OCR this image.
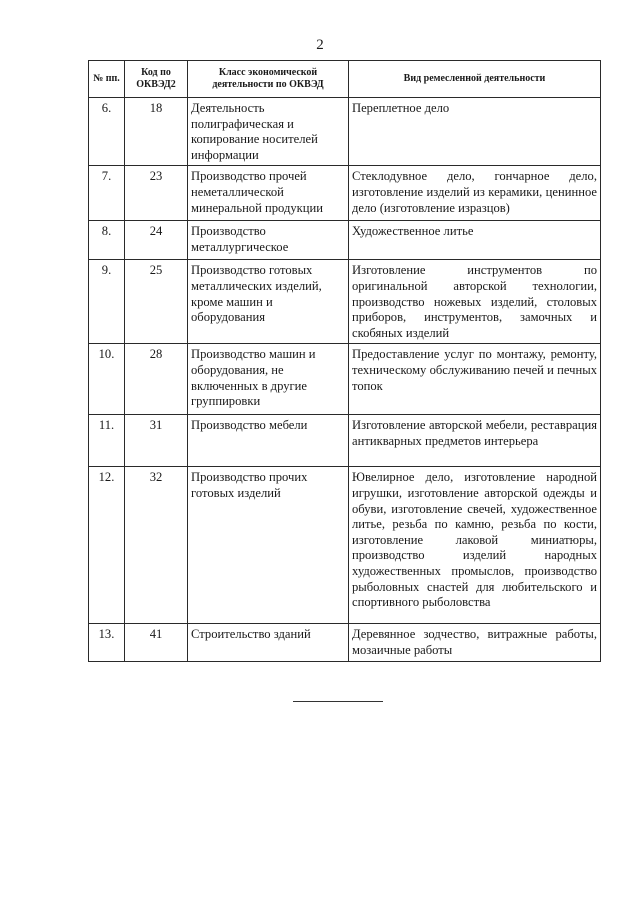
2
№ пп.	Код по ОКВЭД2	Класс экономической деятельности по ОКВЭД	Вид ремесленной деятельности
6.	18	Деятельность полиграфическая и копирование носителей информации	Переплетное дело
7.	23	Производство прочей неметаллической минеральной продукции	Стеклодувное дело, гончарное дело, изготовление изделий из керамики, ценинное дело (изготовление изразцов)
8.	24	Производство металлургическое	Художественное литье
9.	25	Производство готовых металлических изделий, кроме машин и оборудования	Изготовление инструментов по оригинальной авторской технологии, производство ножевых изделий, столовых приборов, инструментов, замочных и скобяных изделий
10.	28	Производство машин и оборудования, не включенных в другие группировки	Предоставление услуг по монтажу, ремонту, техническому обслуживанию печей и печных топок
11.	31	Производство мебели	Изготовление авторской мебели, реставрация антикварных предметов интерьера
12.	32	Производство прочих готовых изделий	Ювелирное дело, изготовление народной игрушки, изготовление авторской одежды и обуви, изготовление свечей, художественное литье, резьба по камню, резьба по кости, изготовление лаковой миниатюры, производство изделий народных художественных промыслов, производство рыболовных снастей для любительского и спортивного рыболовства
13.	41	Строительство зданий	Деревянное зодчество, витражные работы, мозаичные работы
